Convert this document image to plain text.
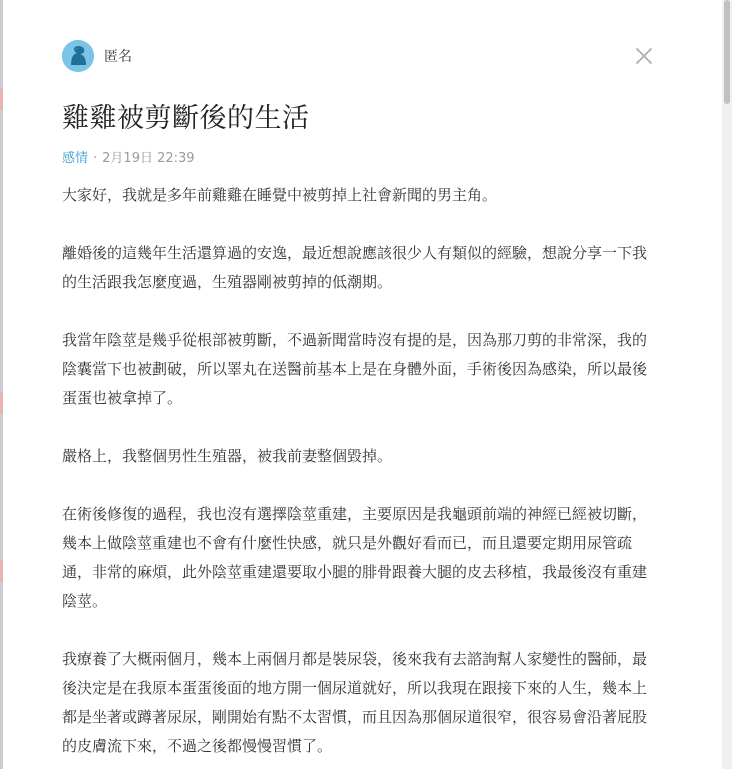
匿名
雞雞被剪斷後的生活
感情 · 2月19日 22:39

大家好，我就是多年前雞雞在睡覺中被剪掉上社會新聞的男主角。

離婚後的這幾年生活還算過的安逸，最近想說應該很少人有類似的經驗，想說分享一下我的生活跟我怎麼度過，生殖器剛被剪掉的低潮期。

我當年陰莖是幾乎從根部被剪斷，不過新聞當時沒有提的是，因為那刀剪的非常深，我的陰囊當下也被劃破，所以睪丸在送醫前基本上是在身體外面，手術後因為感染，所以最後蛋蛋也被拿掉了。

嚴格上，我整個男性生殖器，被我前妻整個毀掉。

在術後修復的過程，我也沒有選擇陰莖重建，主要原因是我龜頭前端的神經已經被切斷，幾本上做陰莖重建也不會有什麼性快感，就只是外觀好看而已，而且還要定期用尿管疏通，非常的麻煩，此外陰莖重建還要取小腿的腓骨跟養大腿的皮去移植，我最後沒有重建陰莖。

我療養了大概兩個月，幾本上兩個月都是裝尿袋，後來我有去諮詢幫人家變性的醫師，最後決定是在我原本蛋蛋後面的地方開一個尿道就好，所以我現在跟接下來的人生，幾本上都是坐著或蹲著尿尿，剛開始有點不太習慣，而且因為那個尿道很窄，很容易會沿著屁股的皮膚流下來，不過之後都慢慢習慣了。
